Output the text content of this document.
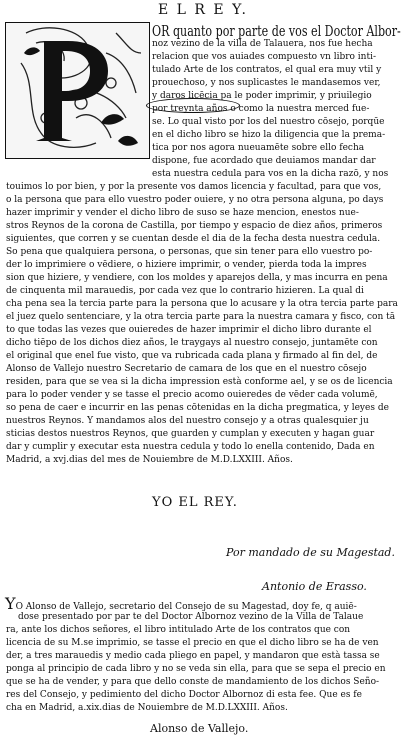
E L R E Y.
OR quanto por parte de vos el Doctor Albor-
noz vezino de la villa de Talauera, nos fue hecha
relacion que vos auiades compuesto vn libro inti-
tulado Arte de los contratos, el qual era muy vtil y
prouechoso, y nos suplicastes le mandasemos ver,
y daros licēcia pa le poder imprimir, y priuilegio
por treynta años o como la nuestra merced fue-
se. Lo qual visto por los del nuestro cōsejo, porqūe
en el dicho libro se hizo la diligencia que la prema-
tica por nos agora nueuamēte sobre ello fecha
dispone, fue acordado que deuiamos mandar dar
esta nuestra cedula para vos en la dicha razō, y nos
touimos lo por bien, y por la presente vos damos licencia y facultad, para que vos,
o la persona que para ello vuestro poder ouiere, y no otra persona alguna, po days
hazer imprimir y vender el dicho libro de suso se haze mencion, enestos nue-
stros Reynos de la corona de Castilla, por tiempo y espacio de diez años, primeros
siguientes, que corren y se cuentan desde el dia de la fecha desta nuestra cedula.
So pena que qualquiera persona, o personas, que sin tener para ello vuestro po-
der lo imprimiere o vēdiere, o hiziere imprimir, o vender, pierda toda la impres
sion que hiziere, y vendiere, con los moldes y aparejos della, y mas incurra en pena
de cinquenta mil marauedis, por cada vez que lo contrario hizieren. La qual di
cha pena sea la tercia parte para la persona que lo acusare y la otra tercia parte para
el juez quelo sentenciare, y la otra tercia parte para la nuestra camara y fisco, con tā
to que todas las vezes que ouieredes de hazer imprimir el dicho libro durante el
dicho tiēpo de los dichos diez años, le traygays al nuestro consejo, juntamēte con
el original que enel fue visto, que va rubricada cada plana y firmado al fin del, de
Alonso de Vallejo nuestro Secretario de camara de los que en el nuestro cōsejo
residen, para que se vea si la dicha impression està conforme ael, y se os de licencia
para lo poder vender y se tasse el precio acomo ouieredes de vēder cada volumē,
so pena de caer e incurrir en las penas cōtenidas en la dicha pregmatica, y leyes de
nuestros Reynos. Y mandamos alos del nuestro consejo y a otras qualesquier ju
sticias destos nuestros Reynos, que guarden y cumplan y executen y hagan guar
dar y cumplir y executar esta nuestra cedula y todo lo enella contenido, Dada en
Madrid, a xvj.dias del mes de Nouiembre de M.D.LXXIII. Años.
YO EL REY.
Por mandado de su Magestad.
Antonio de Erasso.
YO Alonso de Vallejo, secretario del Consejo de su Magestad, doy fe, q auiē-
dose presentado por par te del Doctor Albornoz vezino de la Villa de Talaue
ra, ante los dichos señores, el libro intitulado Arte de los contratos que con
licencia de su M.se imprimio, se tasse el precio en que el dicho libro se ha de ven
der, a tres marauedis y medio cada pliego en papel, y mandaron que està tassa se
ponga al principio de cada libro y no se veda sin ella, para que se sepa el precio en
que se ha de vender, y para que dello conste de mandamiento de los dichos Seño-
res del Consejo, y pedimiento del dicho Doctor Albornoz di esta fee. Que es fe
cha en Madrid, a.xix.dias de Nouiembre de M.D.LXXIII. Años.
Alonso de Vallejo.
